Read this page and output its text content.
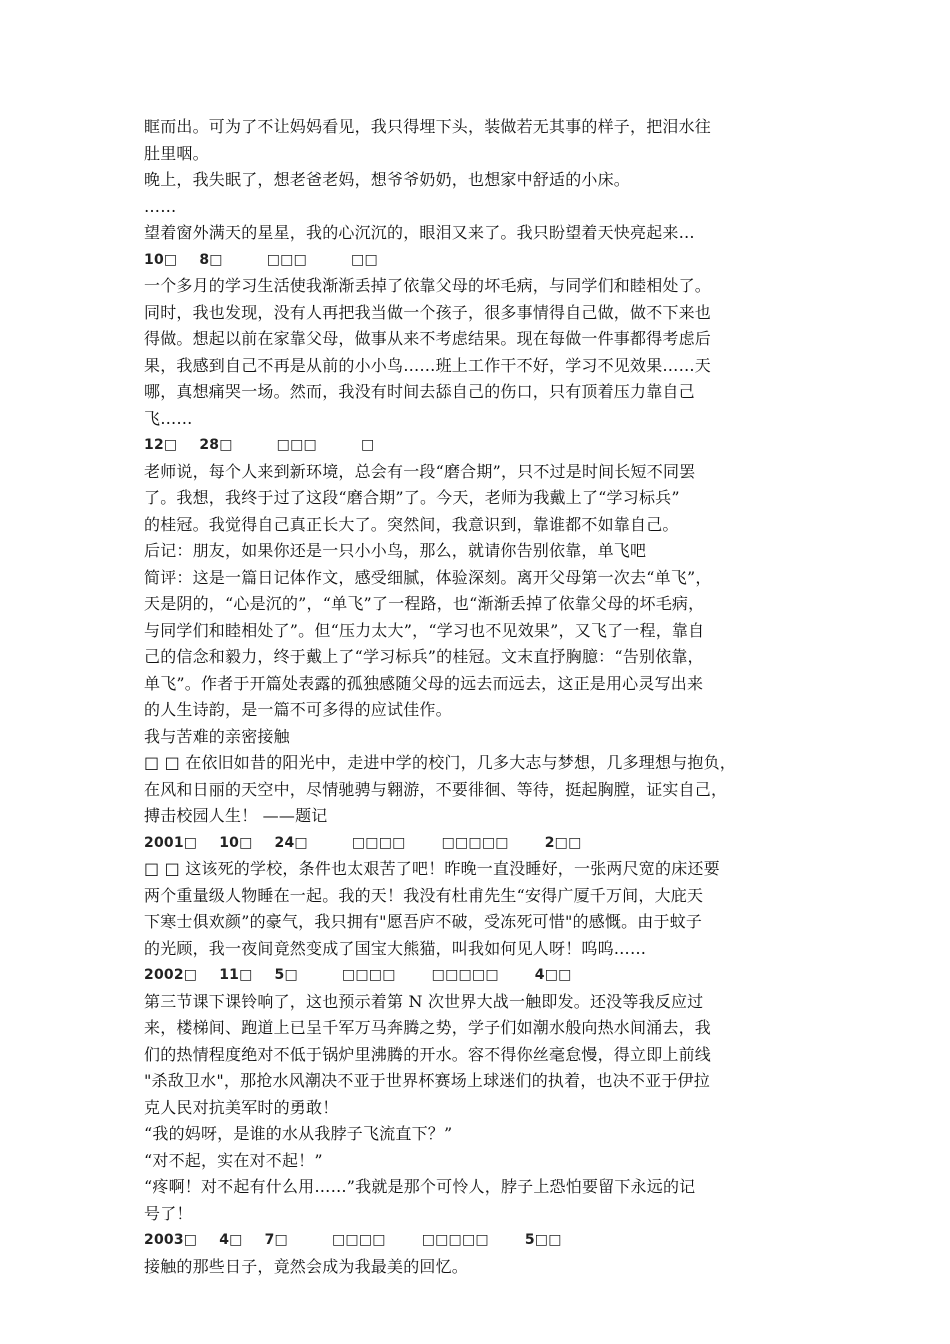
眶而出。可为了不让妈妈看见，我只得埋下头，装做若无其事的样子，把泪水往
肚里咽。
晚上，我失眠了，想老爸老妈，想爷爷奶奶，也想家中舒适的小床。
……
望着窗外满天的星星，我的心沉沉的，眼泪又来了。我只盼望着天快亮起来…
10□ 8□	□□□	□□
一个多月的学习生活使我渐渐丢掉了依靠父母的坏毛病，与同学们和睦相处了。
同时，我也发现，没有人再把我当做一个孩子，很多事情得自己做，做不下来也
得做。想起以前在家靠父母，做事从来不考虑结果。现在每做一件事都得考虑后
果，我感到自己不再是从前的小小鸟……班上工作干不好，学习不见效果……天
哪，真想痛哭一场。然而，我没有时间去舔自己的伤口，只有顶着压力靠自己
飞……
12□ 28□	□□□	□
老师说，每个人来到新环境，总会有一段“磨合期”，只不过是时间长短不同罢
了。我想，我终于过了这段“磨合期”了。今天，老师为我戴上了“学习标兵”
的桂冠。我觉得自己真正长大了。突然间，我意识到，靠谁都不如靠自己。
后记：朋友，如果你还是一只小小鸟，那么，就请你告别依靠，单飞吧
简评：这是一篇日记体作文，感受细腻，体验深刻。离开父母第一次去“单飞”，
天是阴的，“心是沉的”，“单飞”了一程路，也“渐渐丢掉了依靠父母的坏毛病，
与同学们和睦相处了”。但“压力太大”，“学习也不见效果”，又飞了一程，靠自
己的信念和毅力，终于戴上了“学习标兵”的桂冠。文末直抒胸臆：“告别依靠，
单飞”。作者于开篇处表露的孤独感随父母的远去而远去，这正是用心灵写出来
的人生诗韵，是一篇不可多得的应试佳作。
我与苦难的亲密接触
□ □ 在依旧如昔的阳光中，走进中学的校门，几多大志与梦想，几多理想与抱负，
在风和日丽的天空中，尽情驰骋与翱游，不要徘徊、等待，挺起胸膛，证实自己，
搏击校园人生！ ——题记
2001□ 10□ 24□	□□□□	□□□□□	2□□
□ □ 这该死的学校，条件也太艰苦了吧！昨晚一直没睡好，一张两尺宽的床还要
两个重量级人物睡在一起。我的天！我没有杜甫先生“安得广厦千万间，大庇天
下寒士俱欢颜”的豪气，我只拥有"愿吾庐不破，受冻死可惜"的感慨。由于蚊子
的光顾，我一夜间竟然变成了国宝大熊猫，叫我如何见人呀！呜呜……
2002□ 11□ 5□	□□□□	□□□□□	4□□
第三节课下课铃响了，这也预示着第 N 次世界大战一触即发。还没等我反应过
来，楼梯间、跑道上已呈千军万马奔腾之势，学子们如潮水般向热水间涌去，我
们的热情程度绝对不低于锅炉里沸腾的开水。容不得你丝毫怠慢，得立即上前线
"杀敌卫水"，那抢水风潮决不亚于世界杯赛场上球迷们的执着，也决不亚于伊拉
克人民对抗美军时的勇敢！
“我的妈呀，是谁的水从我脖子飞流直下？”
“对不起，实在对不起！”
“疼啊！对不起有什么用……”我就是那个可怜人，脖子上恐怕要留下永远的记
号了！
2003□ 4□ 7□	□□□□	□□□□□	5□□
接触的那些日子，竟然会成为我最美的回忆。
